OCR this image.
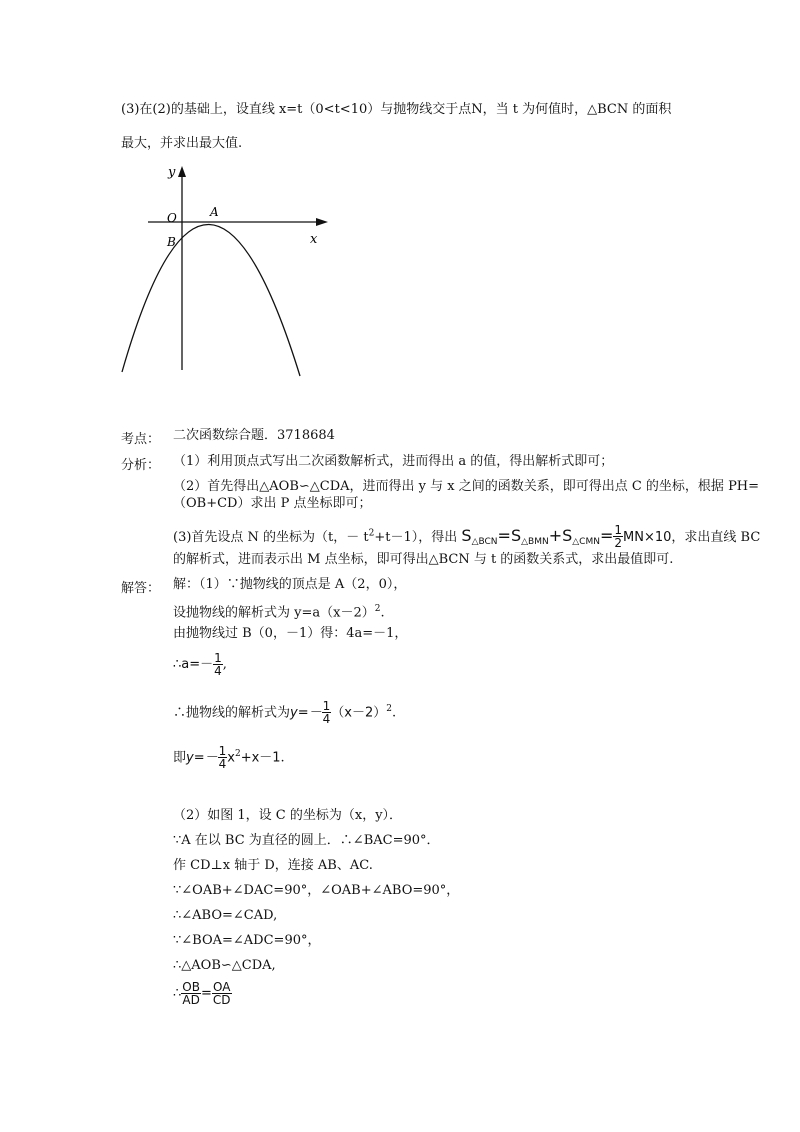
(3)在(2)的基础上，设直线 x=t（0<t<10）与抛物线交于点N，当 t 为何值时，△BCN 的面积
最大，并求出最大值.
y
x
O	A
B
考点： 二次函数综合题．3718684
分析： （1）利用顶点式写出二次函数解析式，进而得出 a 的值，得出解析式即可；
（2）首先得出△AOB∽△CDA，进而得出 y 与 x 之间的函数关系，即可得出点 C 的坐标，根据 PH=
（OB+CD）求出 P 点坐标即可；
(3)首先设点 N 的坐标为（t，－ $t^2+t-1$），得出 $S_{\triangle BCN}=S_{\triangle BMN}+S_{\triangle CMN}= \frac{1}{2} MN\times 10$，求出直线 BC
的解析式，进而表示出 M 点坐标，即可得出△BCN 与 t 的函数关系式，求出最值即可.
解答： 解：（1）∵抛物线的顶点是 A（2，0），
设抛物线的解析式为 $y=a(x-2)^2$.
由抛物线过 B（0，－1）得：4a=－1，
∴a=－ $\frac{1}{4}$ ,
∴抛物线的解析式为$y=- \frac{1}{4} (x-2)^2$.
即$y=- \frac{1}{4} x^2+x-1$.
（2）如图 1，设 C 的坐标为（x，y）．
∵A 在以 BC 为直径的圆上．∴∠BAC=90°．
作 CD⊥x 轴于 D，连接 AB、AC.
∵∠OAB+∠DAC=90°，∠OAB+∠ABO=90°，
∴∠ABO=∠CAD,
∵∠BOA=∠ADC=90°，
∴△AOB∽△CDA,
∴ $\frac{OB}{AD} = \frac{OA}{CD}$
